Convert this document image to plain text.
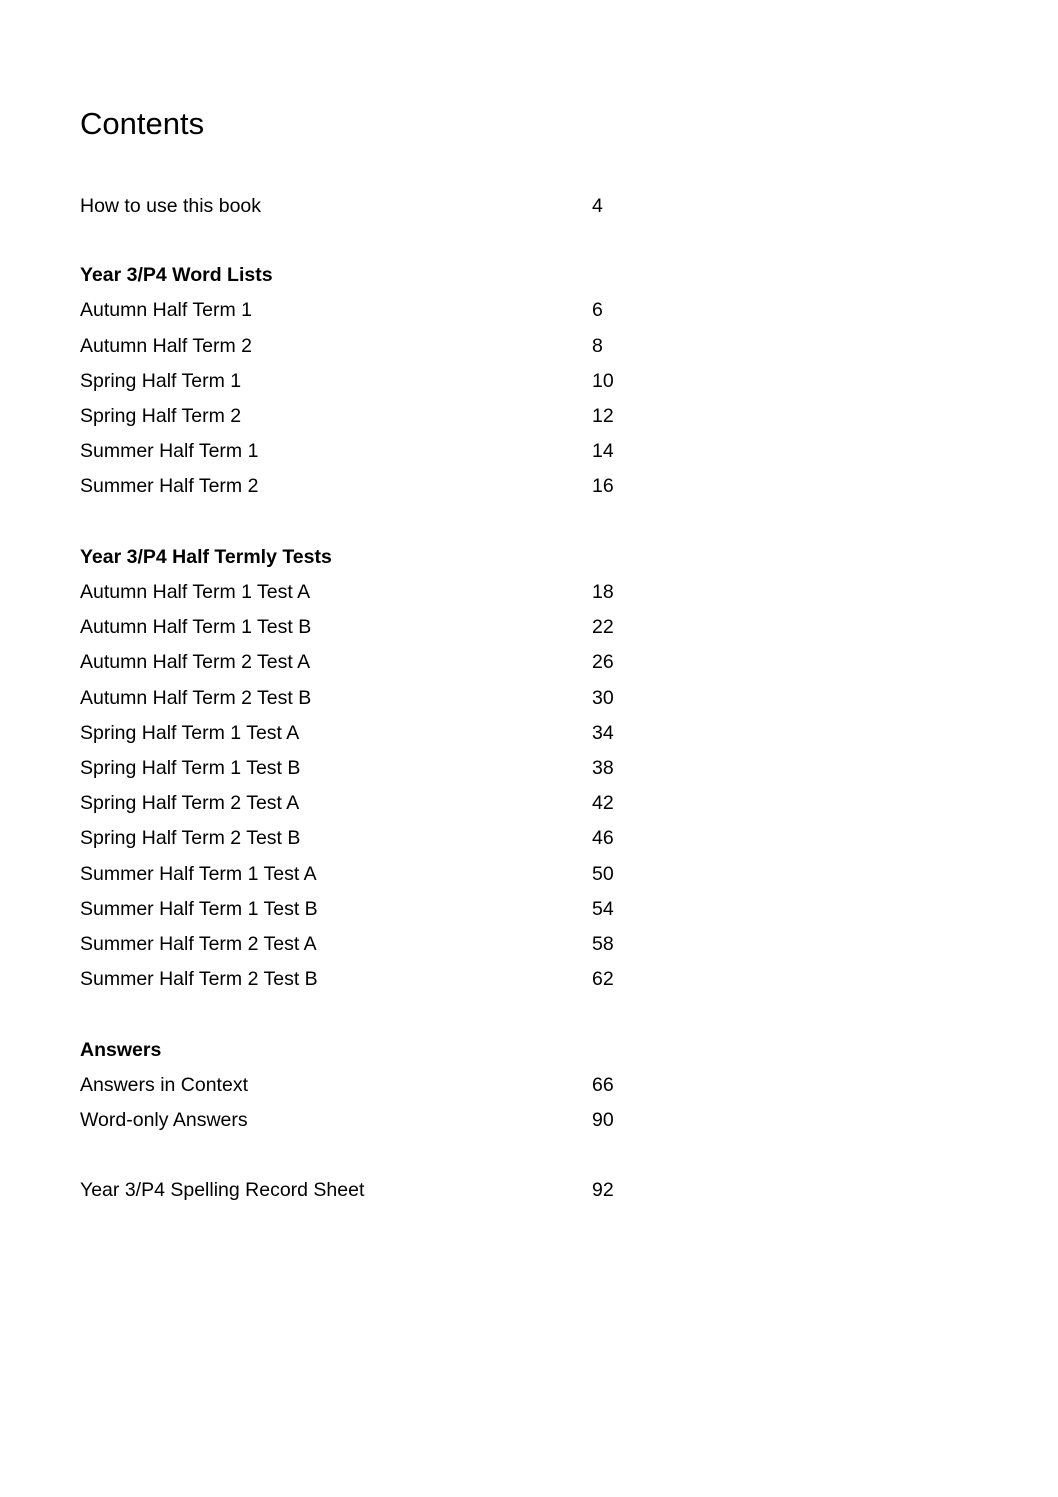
Contents
How to use this book	4
Year 3/P4 Word Lists
Autumn Half Term 1	6
Autumn Half Term 2	8
Spring Half Term 1	10
Spring Half Term 2	12
Summer Half Term 1	14
Summer Half Term 2	16
Year 3/P4 Half Termly Tests
Autumn Half Term 1 Test A	18
Autumn Half Term 1 Test B	22
Autumn Half Term 2 Test A	26
Autumn Half Term 2 Test B	30
Spring Half Term 1 Test A	34
Spring Half Term 1 Test B	38
Spring Half Term 2 Test A	42
Spring Half Term 2 Test B	46
Summer Half Term 1 Test A	50
Summer Half Term 1 Test B	54
Summer Half Term 2 Test A	58
Summer Half Term 2 Test B	62
Answers
Answers in Context	66
Word-only Answers	90
Year 3/P4 Spelling Record Sheet	92
